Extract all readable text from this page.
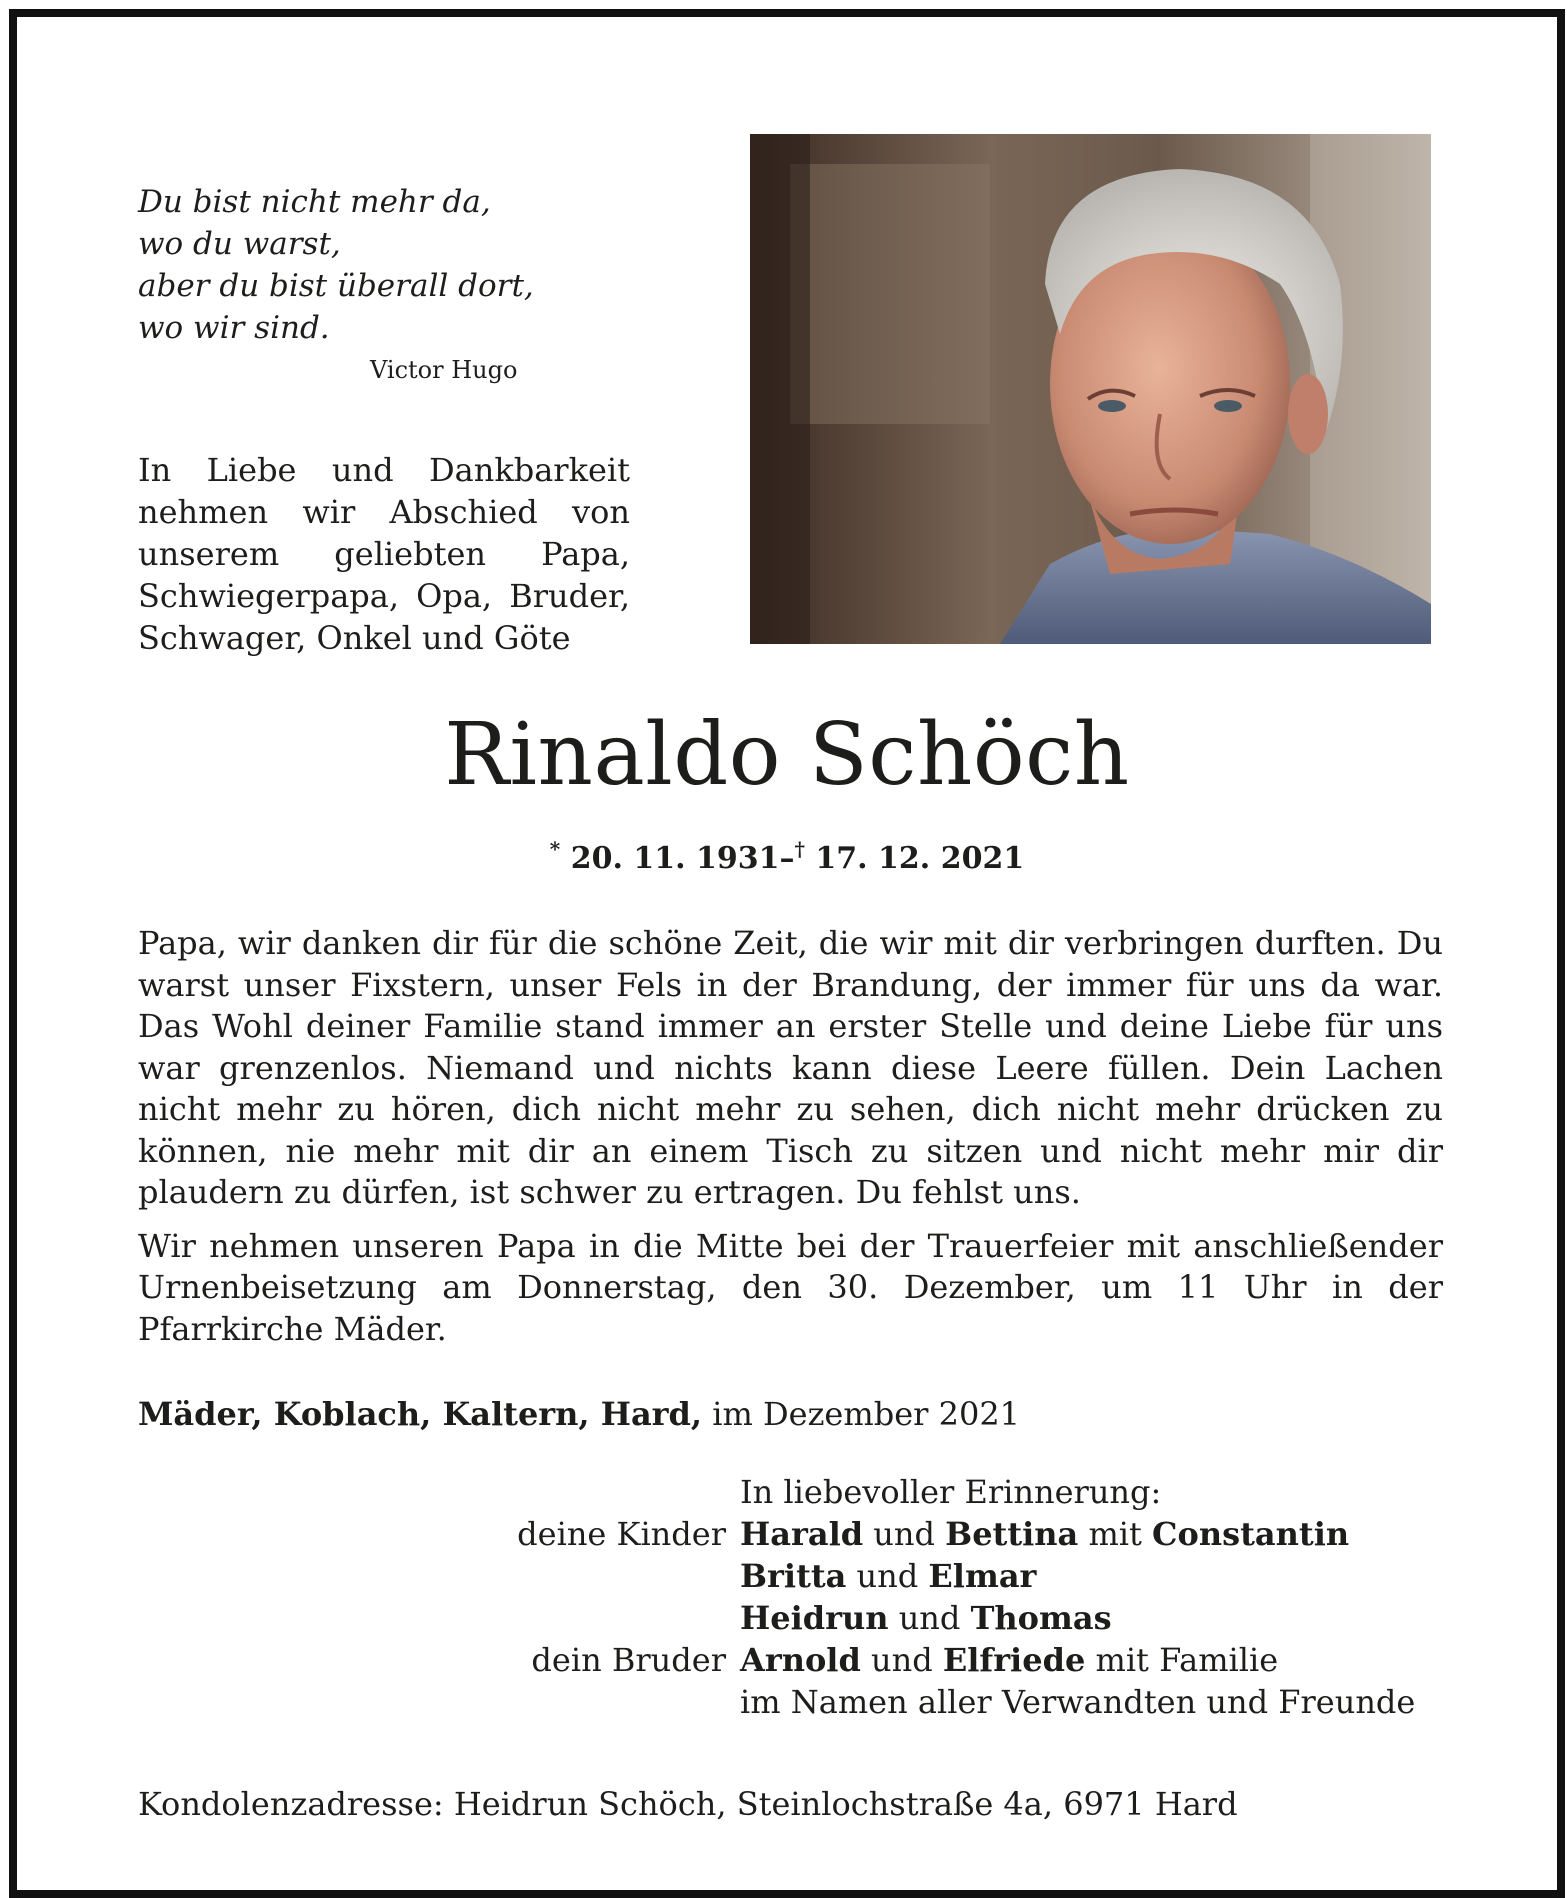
Du bist nicht mehr da,
wo du warst,
aber du bist überall dort,
wo wir sind.
Victor Hugo
In Liebe und Dankbarkeit nehmen wir Abschied von unserem geliebten Papa, Schwiegerpapa, Opa, Bruder, Schwager, Onkel und Göte
Rinaldo Schöch
* 20. 11. 1931–† 17. 12. 2021

Papa, wir danken dir für die schöne Zeit, die wir mit dir verbringen durften. Du warst unser Fixstern, unser Fels in der Brandung, der immer für uns da war. Das Wohl deiner Familie stand immer an erster Stelle und deine Liebe für uns war grenzenlos. Niemand und nichts kann diese Leere füllen. Dein Lachen nicht mehr zu hören, dich nicht mehr zu sehen, dich nicht mehr drücken zu können, nie mehr mit dir an einem Tisch zu sitzen und nicht mehr mir dir plaudern zu dürfen, ist schwer zu ertragen. Du fehlst uns.

Wir nehmen unseren Papa in die Mitte bei der Trauerfeier mit anschließender Urnenbeisetzung am Donnerstag, den 30. Dezember, um 11 Uhr in der Pfarrkirche Mäder.

Mäder, Koblach, Kaltern, Hard, im Dezember 2021
In liebevoller Erinnerung:
deine Kinder Harald und Bettina mit Constantin
Britta und Elmar
Heidrun und Thomas
dein Bruder Arnold und Elfriede mit Familie
im Namen aller Verwandten und Freunde
Kondolenzadresse: Heidrun Schöch, Steinlochstraße 4a, 6971 Hard
